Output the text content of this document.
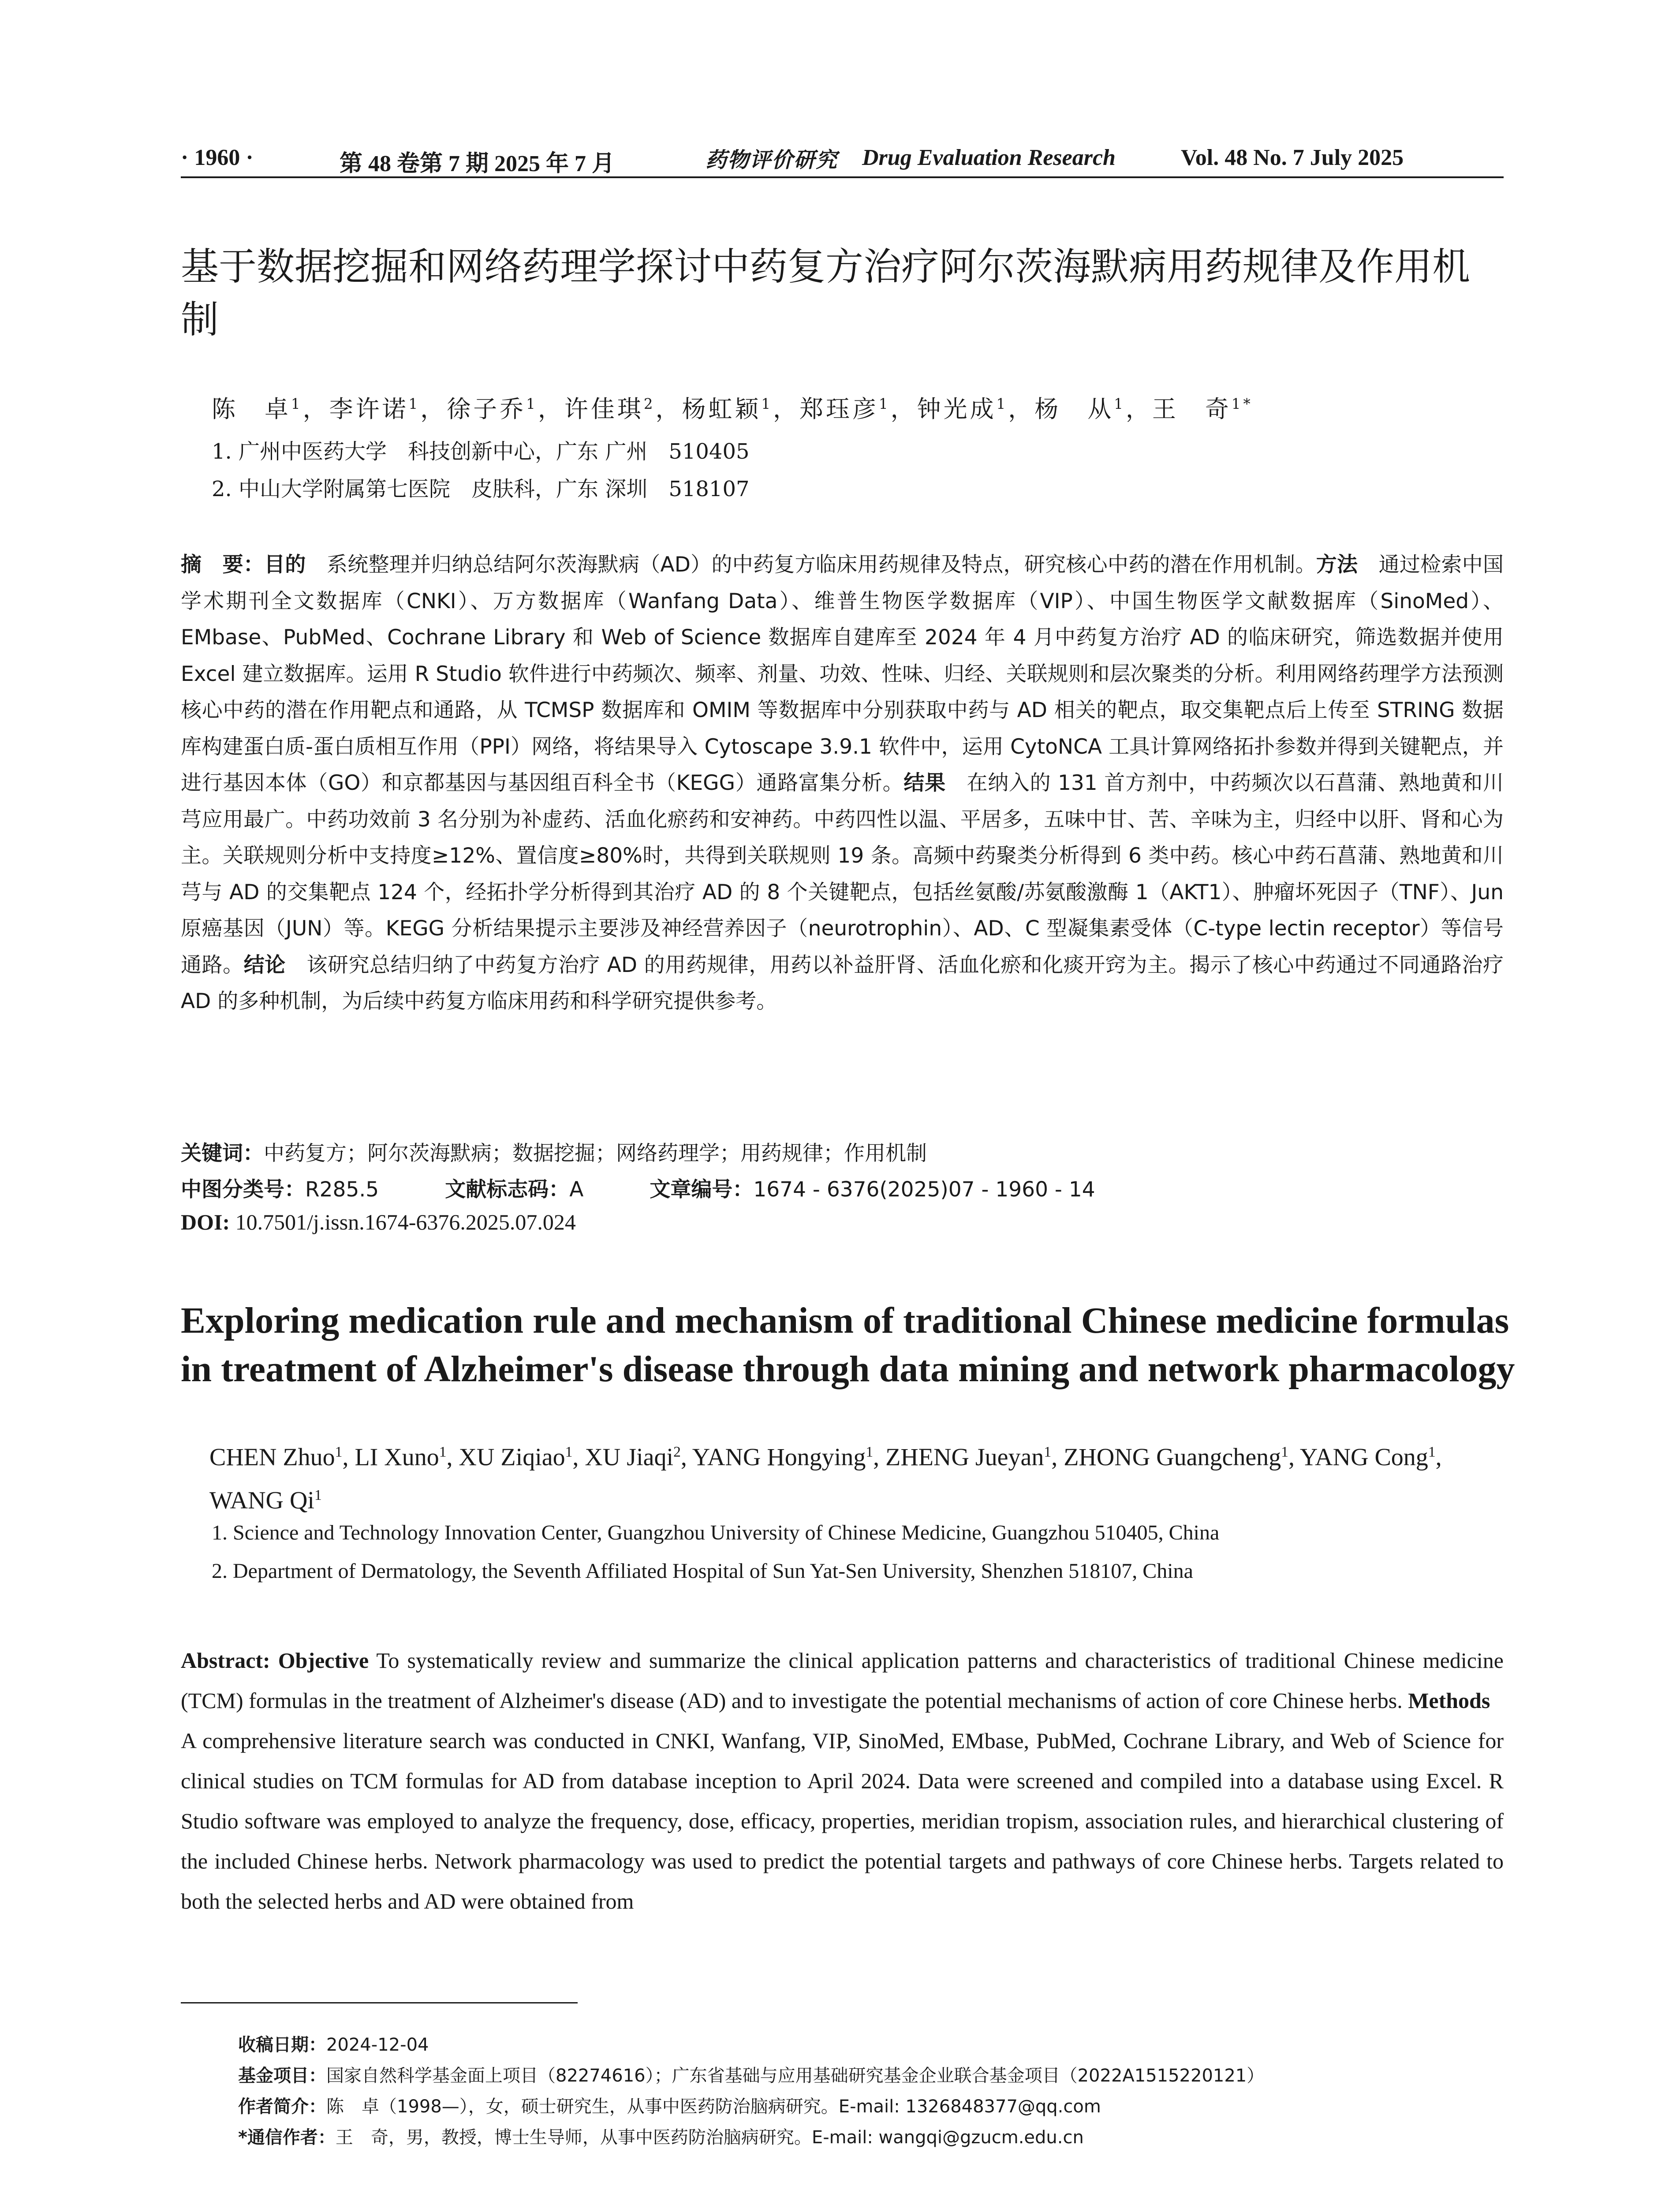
· 1960 ·	第 48 卷第 7 期 2025 年 7 月	药物评价研究 Drug Evaluation Research	Vol. 48 No. 7 July 2025
基于数据挖掘和网络药理学探讨中药复方治疗阿尔茨海默病用药规律及作用机制
陈　卓$^1$，李许诺$^1$，徐子乔$^1$，许佳琪$^2$，杨虹颖$^1$，郑珏彦$^1$，钟光成$^1$，杨　从$^1$，王　奇$^{1*}$
1. 广州中医药大学　科技创新中心，广东 广州　510405
2. 中山大学附属第七医院　皮肤科，广东 深圳　518107
摘　要：目的　系统整理并归纳总结阿尔茨海默病（AD）的中药复方临床用药规律及特点，研究核心中药的潜在作用机制。方法　通过检索中国学术期刊全文数据库（CNKI）、万方数据库（Wanfang Data）、维普生物医学数据库（VIP）、中国生物医学文献数据库（SinoMed）、EMbase、PubMed、Cochrane Library 和 Web of Science 数据库自建库至 2024 年 4 月中药复方治疗 AD 的临床研究，筛选数据并使用 Excel 建立数据库。运用 R Studio 软件进行中药频次、频率、剂量、功效、性味、归经、关联规则和层次聚类的分析。利用网络药理学方法预测核心中药的潜在作用靶点和通路，从 TCMSP 数据库和 OMIM 等数据库中分别获取中药与 AD 相关的靶点，取交集靶点后上传至 STRING 数据库构建蛋白质-蛋白质相互作用（PPI）网络，将结果导入 Cytoscape 3.9.1 软件中，运用 CytoNCA 工具计算网络拓扑参数并得到关键靶点，并进行基因本体（GO）和京都基因与基因组百科全书（KEGG）通路富集分析。结果　在纳入的 131 首方剂中，中药频次以石菖蒲、熟地黄和川芎应用最广。中药功效前 3 名分别为补虚药、活血化瘀药和安神药。中药四性以温、平居多，五味中甘、苦、辛味为主，归经中以肝、肾和心为主。关联规则分析中支持度≥12%、置信度≥80%时，共得到关联规则 19 条。高频中药聚类分析得到 6 类中药。核心中药石菖蒲、熟地黄和川芎与 AD 的交集靶点 124 个，经拓扑学分析得到其治疗 AD 的 8 个关键靶点，包括丝氨酸/苏氨酸激酶 1（AKT1）、肿瘤坏死因子（TNF）、Jun 原癌基因（JUN）等。KEGG 分析结果提示主要涉及神经营养因子（neurotrophin）、AD、C 型凝集素受体（C-type lectin receptor）等信号通路。结论　该研究总结归纳了中药复方治疗 AD 的用药规律，用药以补益肝肾、活血化瘀和化痰开窍为主。揭示了核心中药通过不同通路治疗 AD 的多种机制，为后续中药复方临床用药和科学研究提供参考。
关键词：中药复方；阿尔茨海默病；数据挖掘；网络药理学；用药规律；作用机制
中图分类号：R285.5	文献标志码：A	文章编号：1674 - 6376(2025)07 - 1960 - 14
DOI: 10.7501/j.issn.1674-6376.2025.07.024
Exploring medication rule and mechanism of traditional Chinese medicine formulas in treatment of Alzheimer's disease through data mining and network pharmacology
CHEN Zhuo$^1$, LI Xuno$^1$, XU Ziqiao$^1$, XU Jiaqi$^2$, YANG Hongying$^1$, ZHENG Jueyan$^1$, ZHONG Guangcheng$^1$, YANG Cong$^1$, WANG Qi$^1$
1. Science and Technology Innovation Center, Guangzhou University of Chinese Medicine, Guangzhou 510405, China
2. Department of Dermatology, the Seventh Affiliated Hospital of Sun Yat-Sen University, Shenzhen 518107, China
Abstract: Objective To systematically review and summarize the clinical application patterns and characteristics of traditional Chinese medicine (TCM) formulas in the treatment of Alzheimer's disease (AD) and to investigate the potential mechanisms of action of core Chinese herbs. Methods　A comprehensive literature search was conducted in CNKI, Wanfang, VIP, SinoMed, EMbase, PubMed, Cochrane Library, and Web of Science for clinical studies on TCM formulas for AD from database inception to April 2024. Data were screened and compiled into a database using Excel. R Studio software was employed to analyze the frequency, dose, efficacy, properties, meridian tropism, association rules, and hierarchical clustering of the included Chinese herbs. Network pharmacology was used to predict the potential targets and pathways of core Chinese herbs. Targets related to both the selected herbs and AD were obtained from
收稿日期：2024-12-04
基金项目：国家自然科学基金面上项目（82274616）；广东省基础与应用基础研究基金企业联合基金项目（2022A1515220121）
作者简介：陈　卓（1998—），女，硕士研究生，从事中医药防治脑病研究。E-mail: 1326848377@qq.com
*通信作者：王　奇，男，教授，博士生导师，从事中医药防治脑病研究。E-mail: wangqi@gzucm.edu.cn
